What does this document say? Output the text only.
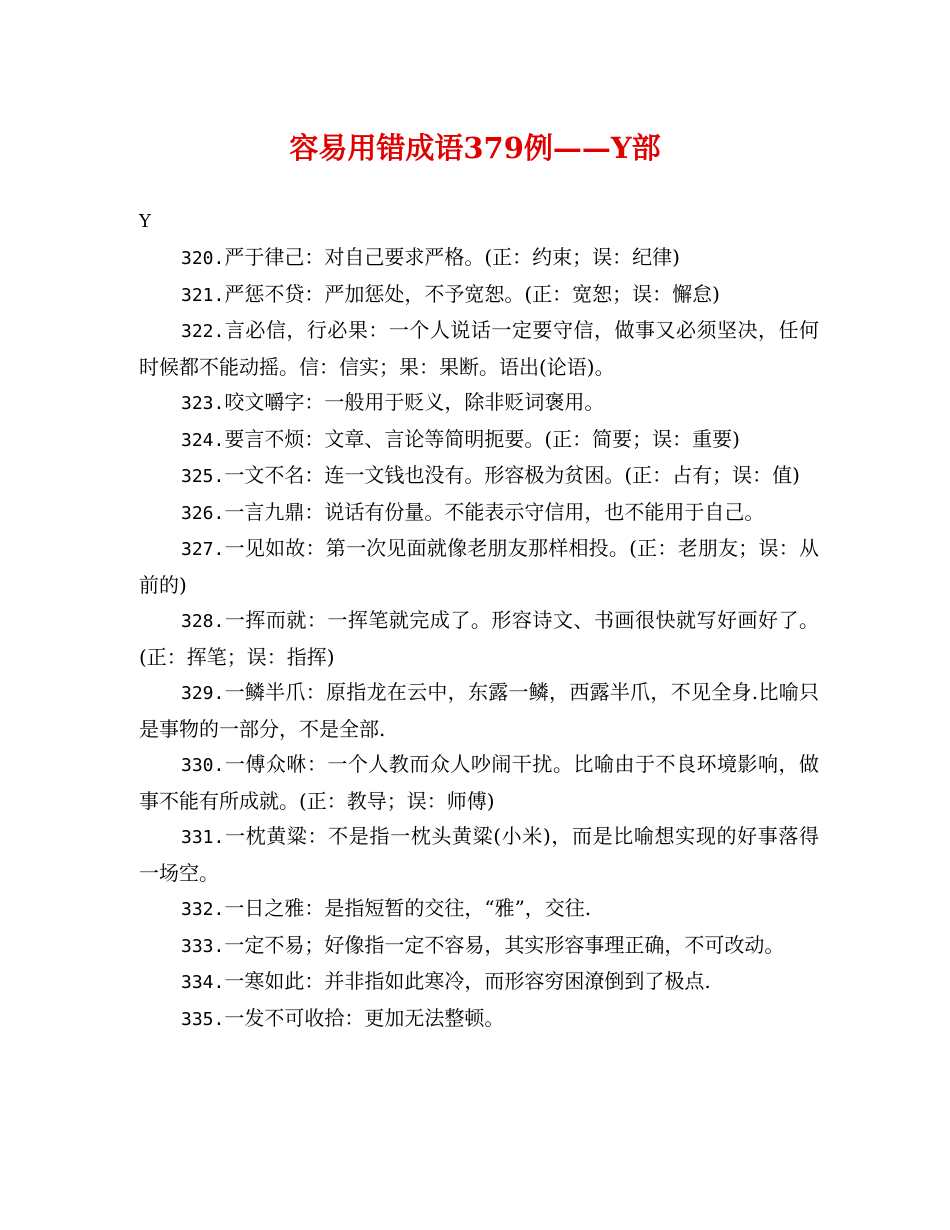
容易用错成语379例——Y部
Y

320.严于律己：对自己要求严格。(正：约束；误：纪律)

321.严惩不贷：严加惩处，不予宽恕。(正：宽恕；误：懈怠)

322.言必信，行必果：一个人说话一定要守信，做事又必须坚决，任何时候都不能动摇。信：信实；果：果断。语出(论语)。

323.咬文嚼字：一般用于贬义，除非贬词褒用。

324.要言不烦：文章、言论等简明扼要。(正：简要；误：重要)

325.一文不名：连一文钱也没有。形容极为贫困。(正：占有；误：值)

326.一言九鼎：说话有份量。不能表示守信用，也不能用于自己。

327.一见如故：第一次见面就像老朋友那样相投。(正：老朋友；误：从前的)

328.一挥而就：一挥笔就完成了。形容诗文、书画很快就写好画好了。(正：挥笔；误：指挥)

329.一鳞半爪：原指龙在云中，东露一鳞，西露半爪，不见全身.比喻只是事物的一部分，不是全部.

330.一傅众咻：一个人教而众人吵闹干扰。比喻由于不良环境影响，做事不能有所成就。(正：教导；误：师傅)

331.一枕黄粱：不是指一枕头黄粱(小米)，而是比喻想实现的好事落得一场空。

332.一日之雅：是指短暂的交往，“雅”，交往.

333.一定不易；好像指一定不容易，其实形容事理正确，不可改动。

334.一寒如此：并非指如此寒冷，而形容穷困潦倒到了极点.

335.一发不可收拾：更加无法整顿。
